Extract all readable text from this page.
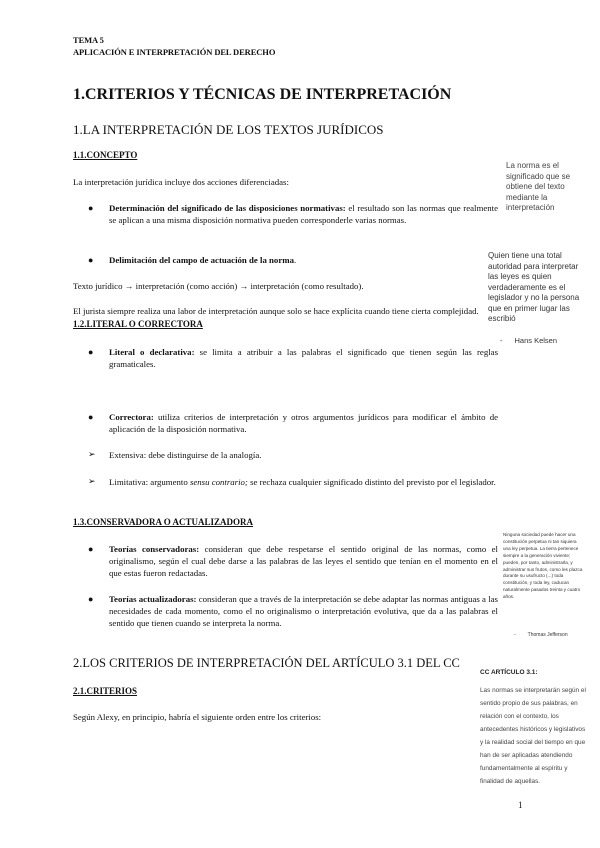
TEMA 5
APLICACIÓN E INTERPRETACIÓN DEL DERECHO
1.CRITERIOS Y TÉCNICAS DE INTERPRETACIÓN
1.LA INTERPRETACIÓN DE LOS TEXTOS JURÍDICOS
1.1.CONCEPTO
La interpretación jurídica incluye dos acciones diferenciadas:
● Determinación del significado de las disposiciones normativas: el resultado son las normas que realmente se aplican a una misma disposición normativa pueden corresponderle varias normas.
● Delimitación del campo de actuación de la norma.
Texto jurídico → interpretación (como acción) → interpretación (como resultado).
El jurista siempre realiza una labor de interpretación aunque solo se hace explícita cuando tiene cierta complejidad.
1.2.LITERAL O CORRECTORA
● Literal o declarativa: se limita a atribuir a las palabras el significado que tienen según las reglas gramaticales.
● Correctora: utiliza criterios de interpretación y otros argumentos jurídicos para modificar el ámbito de aplicación de la disposición normativa.
➢ Extensiva: debe distinguirse de la analogía.
➢ Limitativa: argumento sensu contrario; se rechaza cualquier significado distinto del previsto por el legislador.
1.3.CONSERVADORA O ACTUALIZADORA
● Teorías conservadoras: consideran que debe respetarse el sentido original de las normas, como el originalismo, según el cual debe darse a las palabras de las leyes el sentido que tenían en el momento en el que estas fueron redactadas.
● Teorías actualizadoras: consideran que a través de la interpretación se debe adaptar las normas antiguas a las necesidades de cada momento, como el no originalismo o interpretación evolutiva, que da a las palabras el sentido que tienen cuando se interpreta la norma.
2.LOS CRITERIOS DE INTERPRETACIÓN DEL ARTÍCULO 3.1 DEL CC
2.1.CRITERIOS
Según Alexy, en principio, habría el siguiente orden entre los criterios:
La norma es el significado que se obtiene del texto mediante la interpretación
Quien tiene una total autoridad para interpretar las leyes es quien verdaderamente es el legislador y no la persona que en primer lugar las escribió
- Hans Kelsen
Ninguna sociedad puede hacer una constitución perpetua ni tan siquiera una ley perpetua. La tierra pertenece siempre a la generación viviente; pueden, por tanto, administrarla, y administrar sus frutos, como les plazca durante su usufructo (...) toda constitución, y toda ley, caducan naturalmente pasados treinta y cuatro años.
- Thomas Jefferson
CC ARTÍCULO 3.1:
Las normas se interpretarán según el sentido propio de sus palabras, en relación con el contexto, los antecedentes históricos y legislativos y la realidad social del tiempo en que han de ser aplicadas atendiendo fundamentalmente al espíritu y finalidad de aquellas.
1
